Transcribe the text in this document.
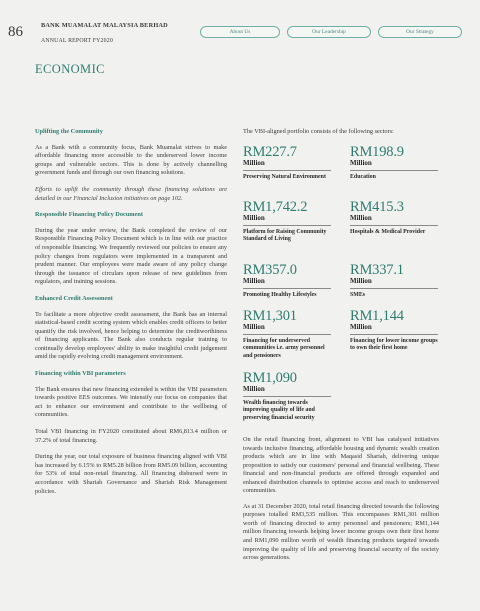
86	BANK MUAMALAT MALAYSIA BERHAD
ANNUAL REPORT FY2020
About Us	Our Leadership	Our Strategy
ECONOMIC
Uplifting the Community

As a Bank with a community focus, Bank Muamalat strives to make affordable financing more accessible to the underserved lower income groups and vulnerable sectors. This is done by actively channelling government funds and through our own financing solutions.

Efforts to uplift the community through these financing solutions are detailed in our Financial Inclusion initiatives on page 102.

Responsible Financing Policy Document

During the year under review, the Bank completed the review of our Responsible Financing Policy Document which is in line with our practice of responsible financing. We frequently reviewed our policies to ensure any policy changes from regulators were implemented in a transparent and prudent manner. Our employees were made aware of any policy change through the issuance of circulars upon release of new guidelines from regulators, and training sessions.

Enhanced Credit Assessment

To facilitate a more objective credit assessment, the Bank has an internal statistical-based credit scoring system which enables credit officers to better quantify the risk involved, hence helping to determine the creditworthiness of financing applicants. The Bank also conducts regular training to continually develop employees' ability to make insightful credit judgement amid the rapidly evolving credit management environment.

Financing within VBI parameters

The Bank ensures that new financing extended is within the VBI parameters towards positive EES outcomes. We intensify our focus on companies that act to enhance our environment and contribute to the wellbeing of communities.

Total VBI financing in FY2020 constituted about RM6,813.4 million or 37.2% of total financing.

During the year, our total exposure of business financing aligned with VBI has increased by 6.15% to RM5.28 billion from RM5.09 billion, accounting for 53% of total non-retail financing. All financing disbursed were in accordance with Shariah Governance and Shariah Risk Management policies.

The VBI-aligned portfolio consists of the following sectors:
RM227.7
Million
Preserving Natural Environment
RM198.9
Million
Education
RM1,742.2
Million
Platform for Raising Community Standard of Living
RM415.3
Million
Hospitals & Medical Provider
RM357.0
Million
Promoting Healthy Lifestyles
RM337.1
Million
SMEs
RM1,301
Million
Financing for underserved communities i.e. army personnel and pensioners
RM1,144
Million
Financing for lower income groups to own their first home
RM1,090
Million
Wealth financing towards improving quality of life and preserving financial security

On the retail financing front, alignment to VBI has catalysed initiatives towards inclusive financing, affordable housing and dynamic wealth creation products which are in line with Maqasid Shariah, delivering unique proposition to satisfy our customers' personal and financial wellbeing. These financial and non-financial products are offered through expanded and enhanced distribution channels to optimise access and reach to underserved communities.

As at 31 December 2020, total retail financing directed towards the following purposes totalled RM3,535 million. This encompasses RM1,301 million worth of financing directed to army personnel and pensioners; RM1,144 million financing towards helping lower income groups own their first home and RM1,090 million worth of wealth financing products targeted towards improving the quality of life and preserving financial security of the society across generations.
